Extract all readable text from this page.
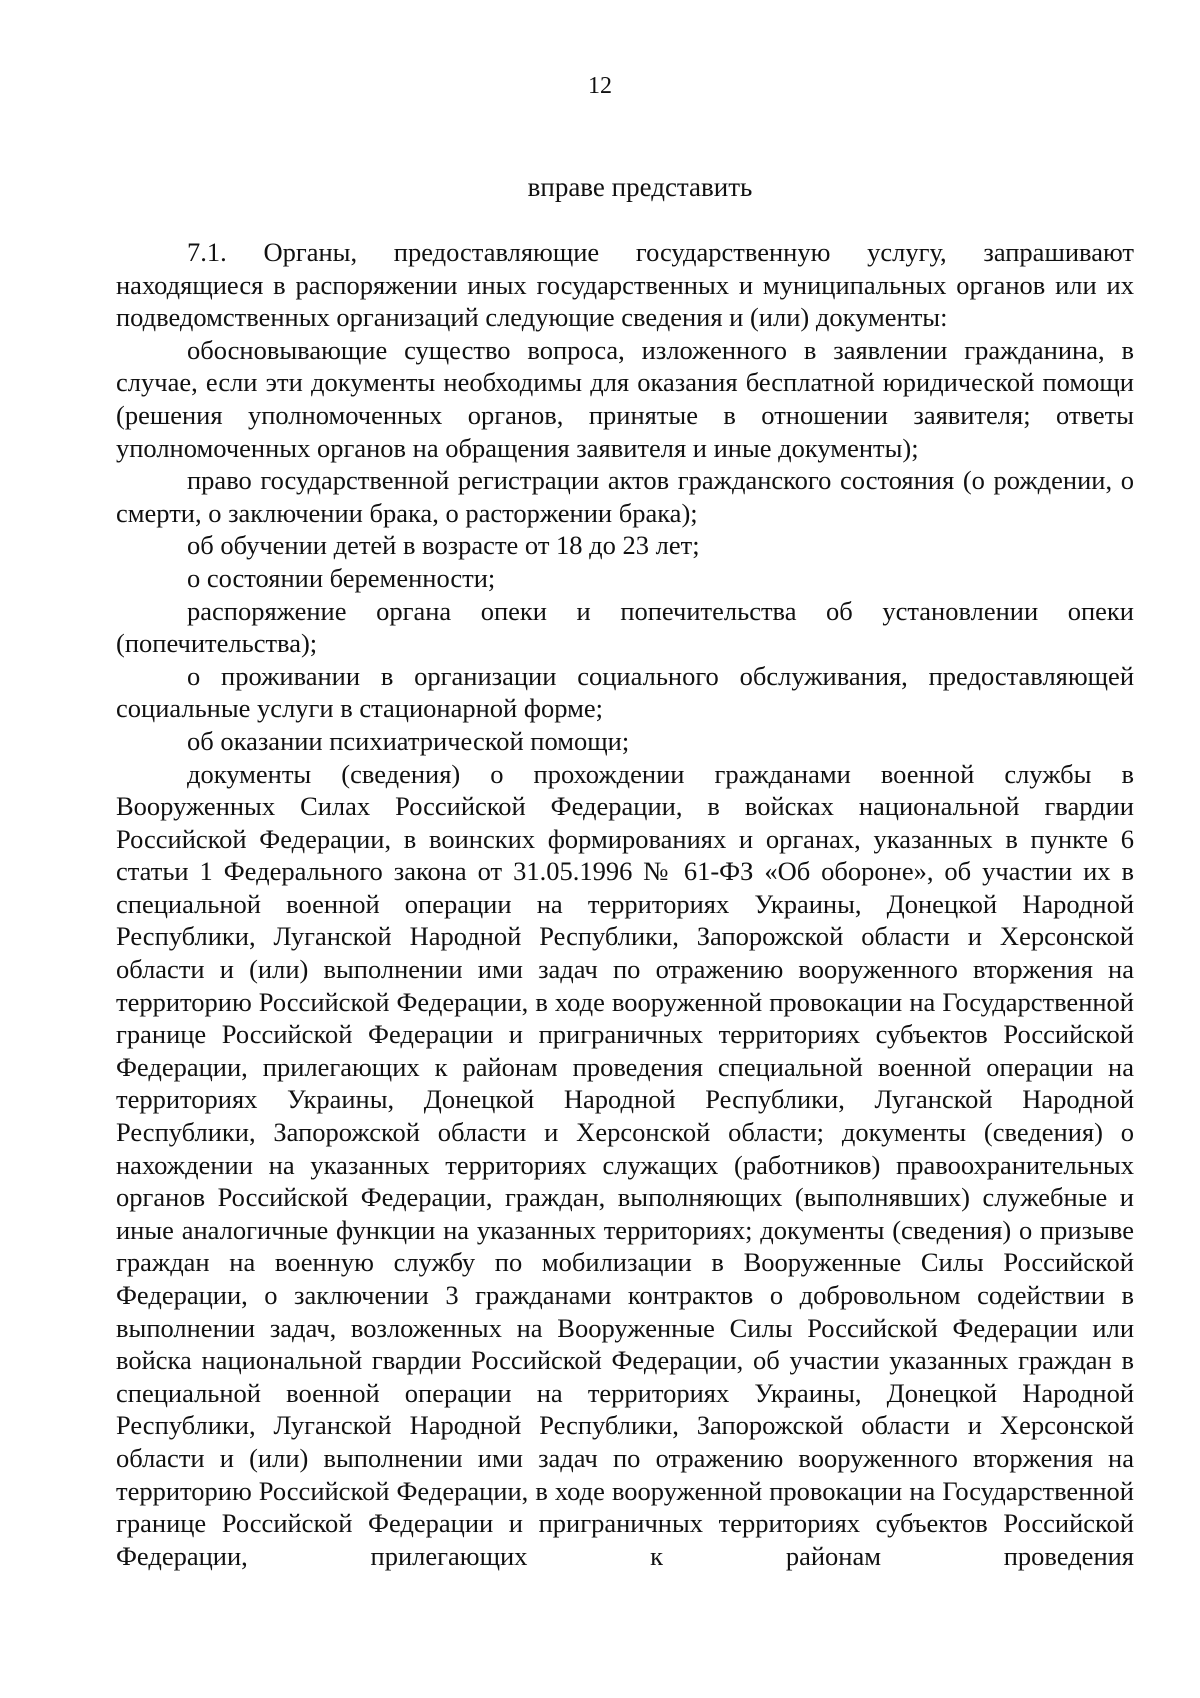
12
вправе представить

7.1. Органы, предоставляющие государственную услугу, запрашивают находящиеся в распоряжении иных государственных и муниципальных органов или их подведомственных организаций следующие сведения и (или) документы:

обосновывающие существо вопроса, изложенного в заявлении гражданина, в случае, если эти документы необходимы для оказания бесплатной юридической помощи (решения уполномоченных органов, принятые в отношении заявителя; ответы уполномоченных органов на обращения заявителя и иные документы);

право государственной регистрации актов гражданского состояния (о рождении, о смерти, о заключении брака, о расторжении брака);

об обучении детей в возрасте от 18 до 23 лет;

о состоянии беременности;

распоряжение органа опеки и попечительства об установлении опеки (попечительства);

о проживании в организации социального обслуживания, предоставляющей социальные услуги в стационарной форме;

об оказании психиатрической помощи;

документы (сведения) о прохождении гражданами военной службы в Вооруженных Силах Российской Федерации, в войсках национальной гвардии Российской Федерации, в воинских формированиях и органах, указанных в пункте 6 статьи 1 Федерального закона от 31.05.1996 № 61-ФЗ «Об обороне», об участии их в специальной военной операции на территориях Украины, Донецкой Народной Республики, Луганской Народной Республики, Запорожской области и Херсонской области и (или) выполнении ими задач по отражению вооруженного вторжения на территорию Российской Федерации, в ходе вооруженной провокации на Государственной границе Российской Федерации и приграничных территориях субъектов Российской Федерации, прилегающих к районам проведения специальной военной операции на территориях Украины, Донецкой Народной Республики, Луганской Народной Республики, Запорожской области и Херсонской области; документы (сведения) о нахождении на указанных территориях служащих (работников) правоохранительных органов Российской Федерации, граждан, выполняющих (выполнявших) служебные и иные аналогичные функции на указанных территориях; документы (сведения) о призыве граждан на военную службу по мобилизации в Вооруженные Силы Российской Федерации, о заключении 3 гражданами контрактов о добровольном содействии в выполнении задач, возложенных на Вооруженные Силы Российской Федерации или войска национальной гвардии Российской Федерации, об участии указанных граждан в специальной военной операции на территориях Украины, Донецкой Народной Республики, Луганской Народной Республики, Запорожской области и Херсонской области и (или) выполнении ими задач по отражению вооруженного вторжения на территорию Российской Федерации, в ходе вооруженной провокации на Государственной границе Российской Федерации и приграничных территориях субъектов Российской Федерации, прилегающих к районам проведения
